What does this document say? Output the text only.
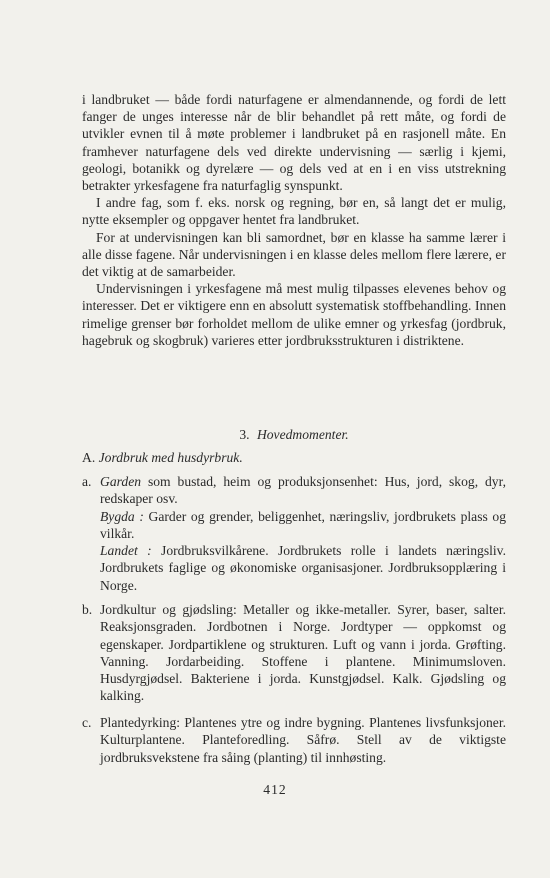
i landbruket — både fordi naturfagene er almendannende, og fordi de lett fanger de unges interesse når de blir behandlet på rett måte, og fordi de utvikler evnen til å møte problemer i landbruket på en rasjonell måte. En framhever naturfagene dels ved direkte undervisning — særlig i kjemi, geologi, botanikk og dyrelære — og dels ved at en i en viss utstrekning betrakter yrkesfagene fra naturfaglig synspunkt.

I andre fag, som f. eks. norsk og regning, bør en, så langt det er mulig, nytte eksempler og oppgaver hentet fra landbruket.

For at undervisningen kan bli samordnet, bør en klasse ha samme lærer i alle disse fagene. Når undervisningen i en klasse deles mellom flere lærere, er det viktig at de samarbeider.

Undervisningen i yrkesfagene må mest mulig tilpasses elevenes behov og interesser. Det er viktigere enn en absolutt systematisk stoffbehandling. Innen rimelige grenser bør forholdet mellom de ulike emner og yrkesfag (jordbruk, hagebruk og skogbruk) varieres etter jordbruksstrukturen i distriktene.

3. Hovedmomenter.
A. Jordbruk med husdyrbruk.
a. Garden som bustad, heim og produksjonsenhet: Hus, jord, skog, dyr, redskaper osv.

Bygda : Garder og grender, beliggenhet, næringsliv, jordbrukets plass og vilkår.

Landet : Jordbruksvilkårene. Jordbrukets rolle i landets næringsliv. Jordbrukets faglige og økonomiske organisasjoner. Jordbruksopplæring i Norge.

b. Jordkultur og gjødsling: Metaller og ikke-metaller. Syrer, baser, salter. Reaksjonsgraden. Jordbotnen i Norge. Jordtyper — oppkomst og egenskaper. Jordpartiklene og strukturen. Luft og vann i jorda. Grøfting. Vanning. Jordarbeiding. Stoffene i plantene. Minimumsloven. Husdyrgjødsel. Bakteriene i jorda. Kunstgjødsel. Kalk. Gjødsling og kalking.

c. Plantedyrking: Plantenes ytre og indre bygning. Plantenes livsfunksjoner. Kulturplantene. Planteforedling. Såfrø. Stell av de viktigste jordbruksvekstene fra såing (planting) til innhøsting.

412
